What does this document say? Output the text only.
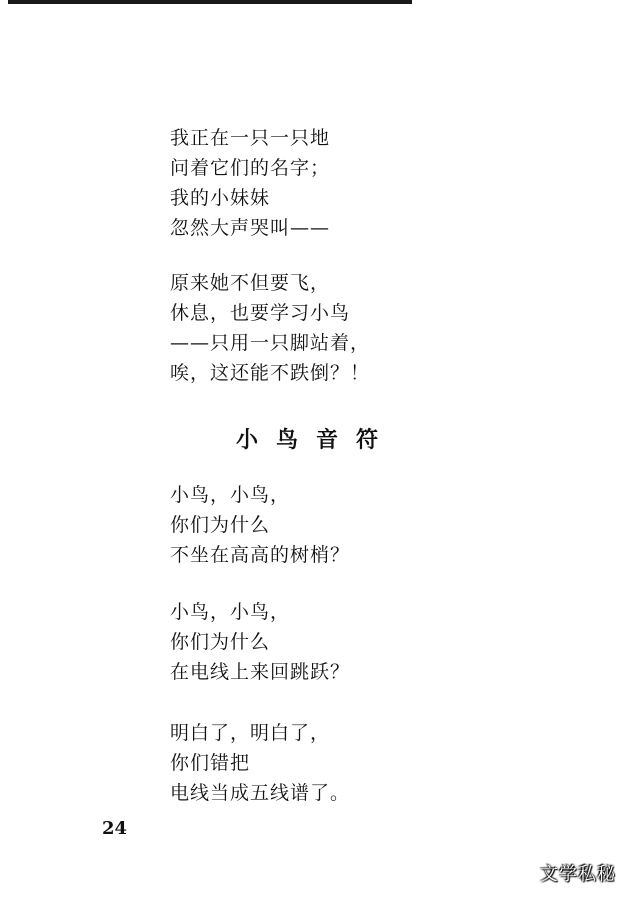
我正在一只一只地
问着它们的名字；
我的小妹妹
忽然大声哭叫——
原来她不但要飞，
休息，也要学习小鸟
——只用一只脚站着，
唉，这还能不跌倒？！
小鸟音符
小鸟，小鸟，
你们为什么
不坐在高高的树梢？
小鸟，小鸟，
你们为什么
在电线上来回跳跃？
明白了，明白了，
你们错把
电线当成五线谱了。
24
文学私秘
